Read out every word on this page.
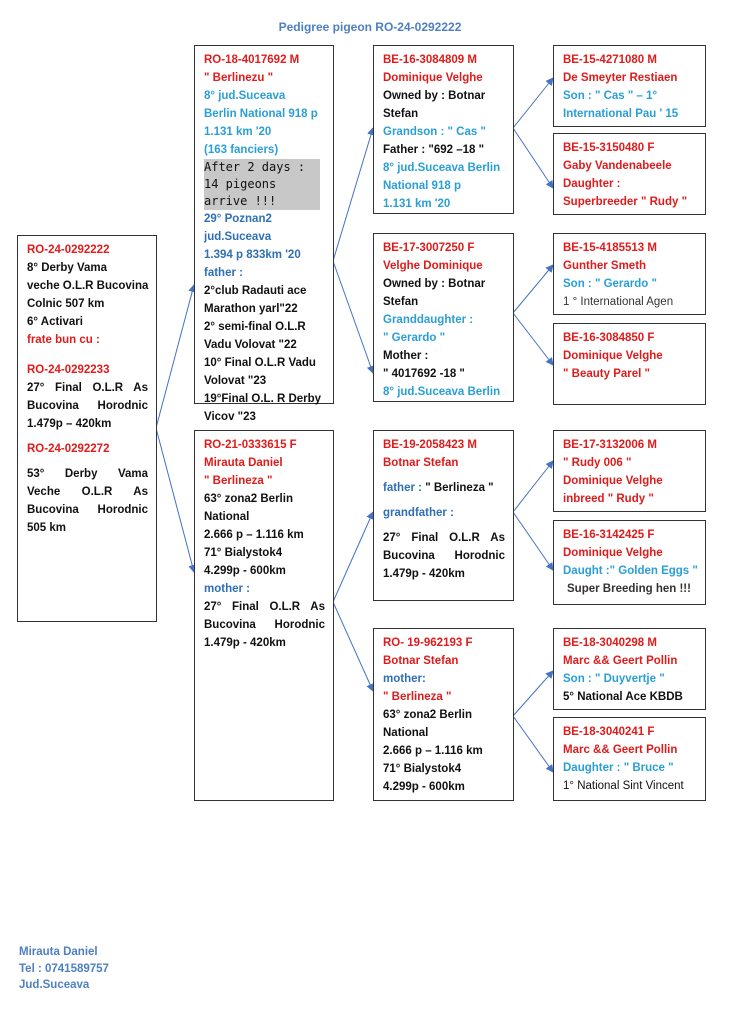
Pedigree pigeon RO-24-0292222
RO-24-0292222
8° Derby Vama
veche O.L.R Bucovina
Colnic 507 km
6° Activari
frate bun cu :
RO-24-0292233
27° Final O.L.R As
Bucovina Horodnic
1.479p – 420km
RO-24-0292272
53° Derby Vama
Veche O.L.R As
Bucovina Horodnic
505 km
RO-18-4017692 M
" Berlinezu "
8° jud.Suceava
Berlin National 918 p
1.131 km '20
(163 fanciers)
After 2 days : 14 pigeons arrive !!!
29° Poznan2
jud.Suceava
1.394 p 833km '20
father :
2°club Radauti ace
Marathon yarl"22
2° semi-final O.L.R
Vadu Volovat "22
10° Final O.L.R Vadu
Volovat "23
19°Final O.L. R Derby
Vicov "23
RO-21-0333615 F
Mirauta Daniel
" Berlineza "
63° zona2 Berlin
National
2.666 p – 1.116 km
71° Bialystok4
4.299p - 600km
mother :
27° Final O.L.R As
Bucovina Horodnic
1.479p - 420km
BE-16-3084809 M
Dominique Velghe
Owned by : Botnar
Stefan
Grandson : " Cas "
Father : "692 –18 "
8° jud.Suceava Berlin
National 918 p
1.131 km '20
BE-17-3007250 F
Velghe Dominique
Owned by : Botnar
Stefan
Granddaughter :
" Gerardo "
Mother :
" 4017692 -18 "
8° jud.Suceava Berlin
BE-19-2058423 M
Botnar Stefan
father : " Berlineza "
grandfather :
27° Final O.L.R As
Bucovina Horodnic
1.479p - 420km
RO- 19-962193 F
Botnar Stefan
mother:
" Berlineza "
63° zona2 Berlin
National
2.666 p – 1.116 km
71° Bialystok4
4.299p - 600km
BE-15-4271080 M
De Smeyter Restiaen
Son : " Cas " – 1°
International Pau ' 15
BE-15-3150480 F
Gaby Vandenabeele
Daughter :
Superbreeder " Rudy "
BE-15-4185513 M
Gunther Smeth
Son : " Gerardo "
1 ° International Agen
BE-16-3084850 F
Dominique Velghe
" Beauty Parel "
BE-17-3132006 M
" Rudy 006 "
Dominique Velghe
inbreed " Rudy "
BE-16-3142425 F
Dominique Velghe
Daught :" Golden Eggs "
Super Breeding hen !!!
BE-18-3040298 M
Marc && Geert Pollin
Son : " Duyvertje "
5° National Ace KBDB
BE-18-3040241 F
Marc && Geert Pollin
Daughter : " Bruce "
1° National Sint Vincent
Mirauta Daniel
Tel : 0741589757
Jud.Suceava
